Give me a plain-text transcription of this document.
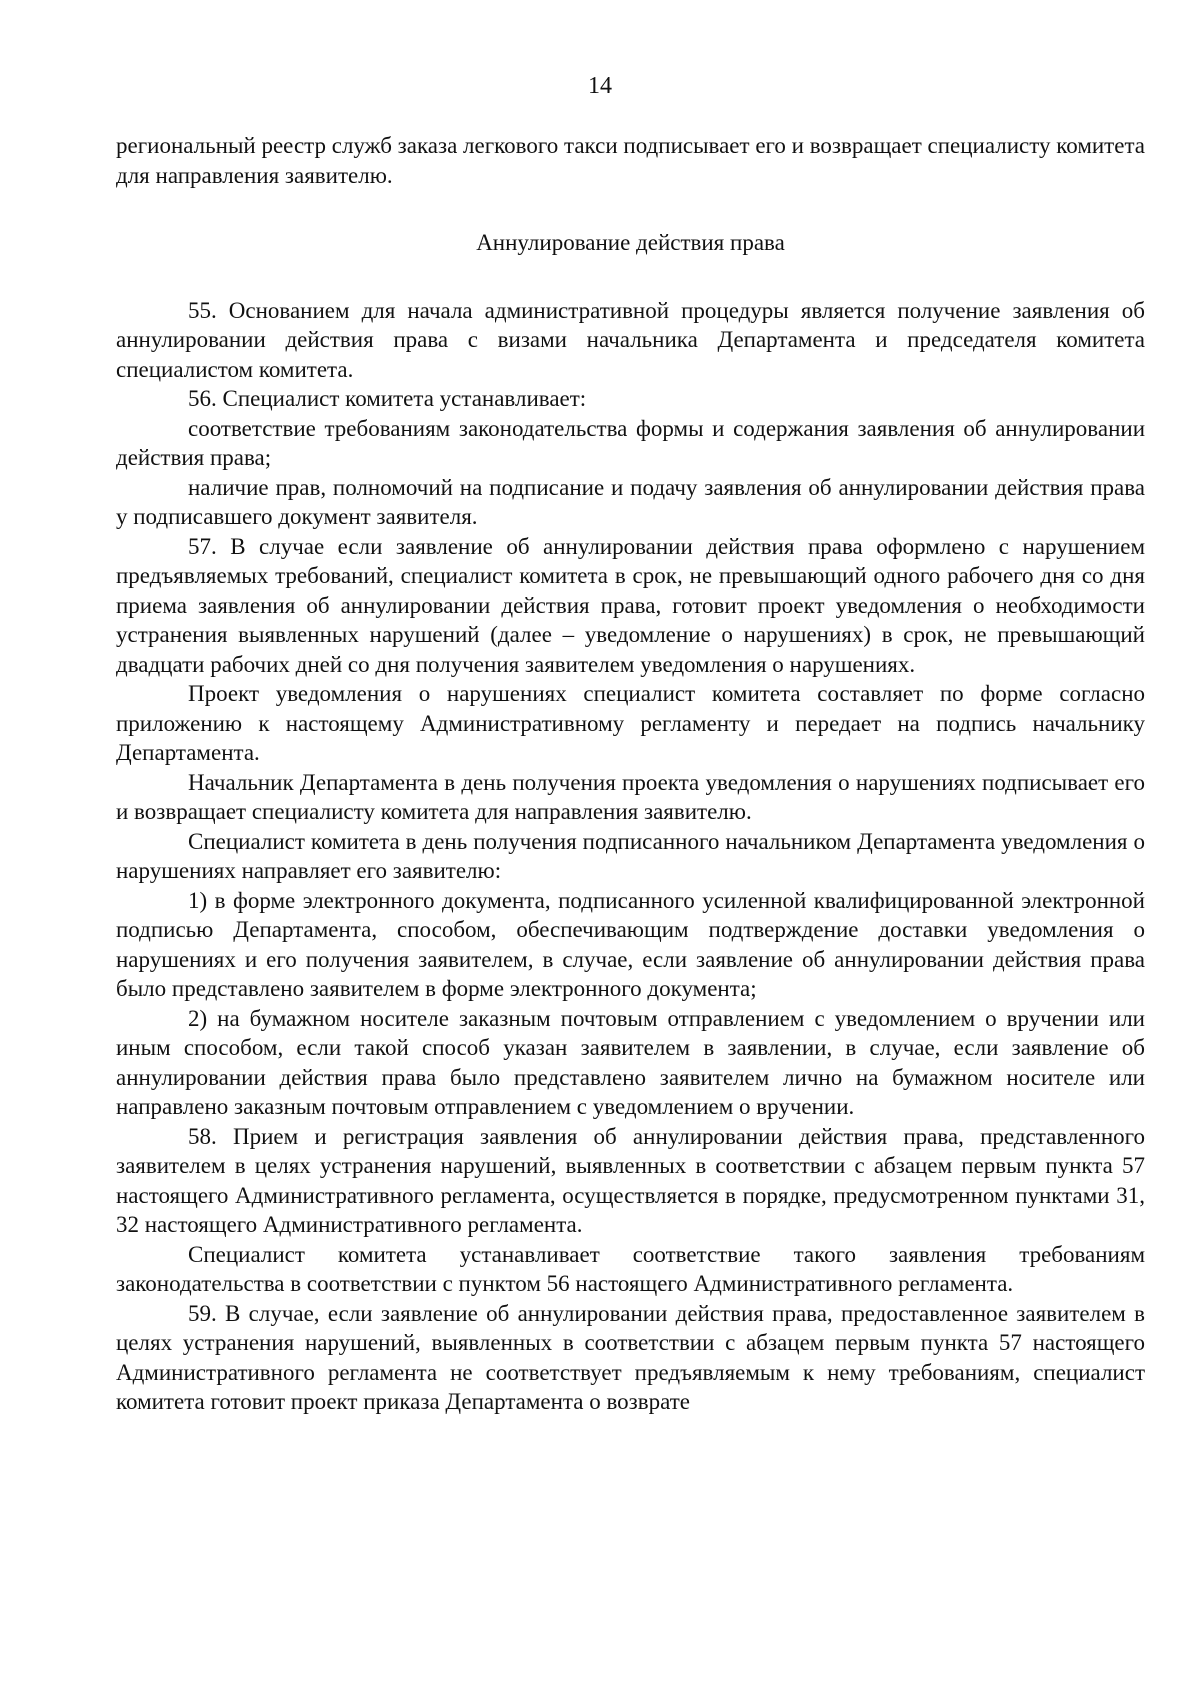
14

региональный реестр служб заказа легкового такси подписывает его и возвращает специалисту комитета для направления заявителю.

Аннулирование действия права

55. Основанием для начала административной процедуры является получение заявления об аннулировании действия права с визами начальника Департамента и председателя комитета специалистом комитета.

56. Специалист комитета устанавливает:

соответствие требованиям законодательства формы и содержания заявления об аннулировании действия права;

наличие прав, полномочий на подписание и подачу заявления об аннулировании действия права у подписавшего документ заявителя.

57. В случае если заявление об аннулировании действия права оформлено с нарушением предъявляемых требований, специалист комитета в срок, не превышающий одного рабочего дня со дня приема заявления об аннулировании действия права, готовит проект уведомления о необходимости устранения выявленных нарушений (далее – уведомление о нарушениях) в срок, не превышающий двадцати рабочих дней со дня получения заявителем уведомления о нарушениях.

Проект уведомления о нарушениях специалист комитета составляет по форме согласно приложению к настоящему Административному регламенту и передает на подпись начальнику Департамента.

Начальник Департамента в день получения проекта уведомления о нарушениях подписывает его и возвращает специалисту комитета для направления заявителю.

Специалист комитета в день получения подписанного начальником Департамента уведомления о нарушениях направляет его заявителю:

1) в форме электронного документа, подписанного усиленной квалифицированной электронной подписью Департамента, способом, обеспечивающим подтверждение доставки уведомления о нарушениях и его получения заявителем, в случае, если заявление об аннулировании действия права было представлено заявителем в форме электронного документа;

2) на бумажном носителе заказным почтовым отправлением с уведомлением о вручении или иным способом, если такой способ указан заявителем в заявлении, в случае, если заявление об аннулировании действия права было представлено заявителем лично на бумажном носителе или направлено заказным почтовым отправлением с уведомлением о вручении.

58. Прием и регистрация заявления об аннулировании действия права, представленного заявителем в целях устранения нарушений, выявленных в соответствии с абзацем первым пункта 57 настоящего Административного регламента, осуществляется в порядке, предусмотренном пунктами 31, 32 настоящего Административного регламента.

Специалист комитета устанавливает соответствие такого заявления требованиям законодательства в соответствии с пунктом 56 настоящего Административного регламента.

59. В случае, если заявление об аннулировании действия права, предоставленное заявителем в целях устранения нарушений, выявленных в соответствии с абзацем первым пункта 57 настоящего Административного регламента не соответствует предъявляемым к нему требованиям, специалист комитета готовит проект приказа Департамента о возврате
